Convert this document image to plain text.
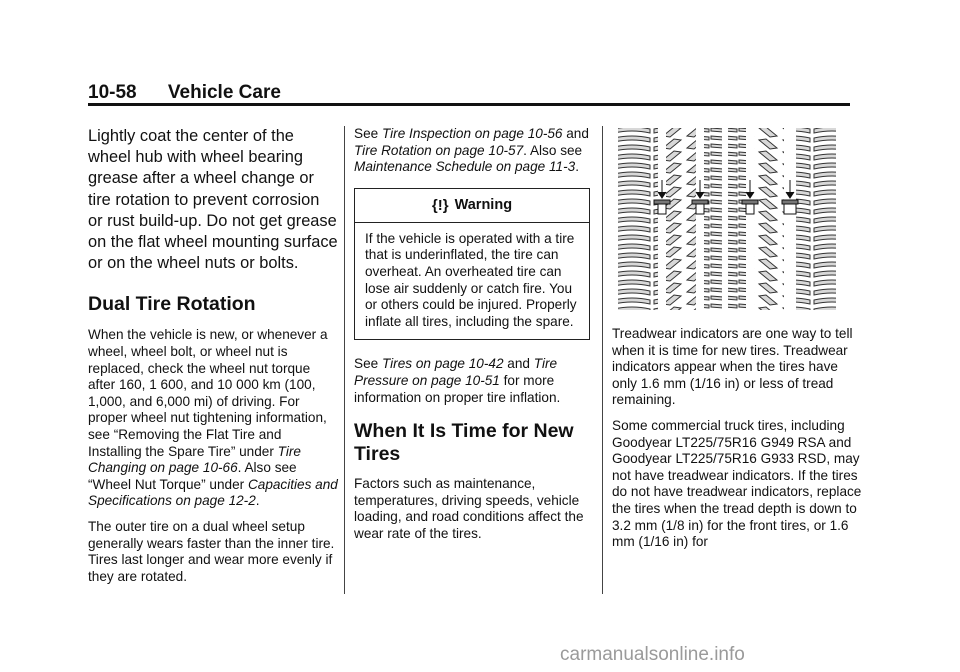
10-58 Vehicle Care

Lightly coat the center of the wheel hub with wheel bearing grease after a wheel change or tire rotation to prevent corrosion or rust build-up. Do not get grease on the flat wheel mounting surface or on the wheel nuts or bolts.

Dual Tire Rotation

When the vehicle is new, or whenever a wheel, wheel bolt, or wheel nut is replaced, check the wheel nut torque after 160, 1 600, and 10 000 km (100, 1,000, and 6,000 mi) of driving. For proper wheel nut tightening information, see “Removing the Flat Tire and Installing the Spare Tire” under Tire Changing on page 10-66. Also see “Wheel Nut Torque” under Capacities and Specifications on page 12-2.

The outer tire on a dual wheel setup generally wears faster than the inner tire. Tires last longer and wear more evenly if they are rotated.

See Tire Inspection on page 10-56 and Tire Rotation on page 10-57. Also see Maintenance Schedule on page 11-3.

{!} Warning
If the vehicle is operated with a tire that is underinflated, the tire can overheat. An overheated tire can lose air suddenly or catch fire. You or others could be injured. Properly inflate all tires, including the spare.

See Tires on page 10-42 and Tire Pressure on page 10-51 for more information on proper tire inflation.

When It Is Time for New Tires

Factors such as maintenance, temperatures, driving speeds, vehicle loading, and road conditions affect the wear rate of the tires.

Treadwear indicators are one way to tell when it is time for new tires. Treadwear indicators appear when the tires have only 1.6 mm (1/16 in) or less of tread remaining.

Some commercial truck tires, including Goodyear LT225/75R16 G949 RSA and Goodyear LT225/75R16 G933 RSD, may not have treadwear indicators. If the tires do not have treadwear indicators, replace the tires when the tread depth is down to 3.2 mm (1/8 in) for the front tires, or 1.6 mm (1/16 in) for

carmanualsonline.info
